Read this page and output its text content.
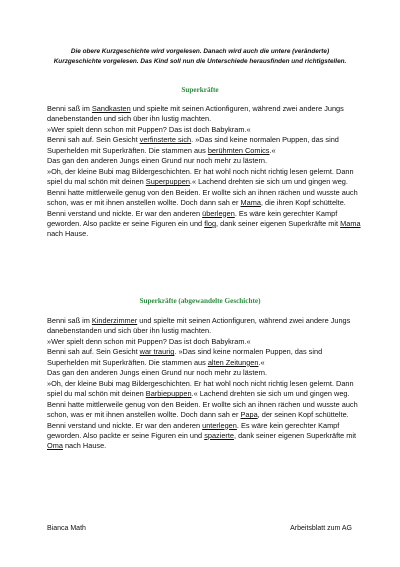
Die obere Kurzgeschichte wird vorgelesen. Danach wird auch die untere (veränderte) Kurzgeschichte vorgelesen. Das Kind soll nun die Unterschiede herausfinden und richtigstellen.
Superkräfte
Benni saß im Sandkasten und spielte mit seinen Actionfiguren, während zwei andere Jungs danebenstanden und sich über ihn lustig machten.
»Wer spielt denn schon mit Puppen? Das ist doch Babykram.«
Benni sah auf. Sein Gesicht verfinsterte sich. »Das sind keine normalen Puppen, das sind Superhelden mit Superkräften. Die stammen aus berühmten Comics.«
Das gan den anderen Jungs einen Grund nur noch mehr zu lästern.
»Oh, der kleine Bubi mag Bildergeschichten. Er hat wohl noch nicht richtig lesen gelernt. Dann spiel du mal schön mit deinen Superpuppen.« Lachend drehten sie sich um und gingen weg.
Benni hatte mittlerweile genug von den Beiden. Er wollte sich an ihnen rächen und wusste auch schon, was er mit ihnen anstellen wollte. Doch dann sah er Mama, die ihren Kopf schüttelte.
Benni verstand und nickte. Er war den anderen überlegen. Es wäre kein gerechter Kampf geworden. Also packte er seine Figuren ein und flog, dank seiner eigenen Superkräfte mit Mama nach Hause.
Superkräfte (abgewandelte Geschichte)
Benni saß im Kinderzimmer und spielte mit seinen Actionfiguren, während zwei andere Jungs danebenstanden und sich über ihn lustig machten.
»Wer spielt denn schon mit Puppen? Das ist doch Babykram.«
Benni sah auf. Sein Gesicht war traurig. »Das sind keine normalen Puppen, das sind Superhelden mit Superkräften. Die stammen aus alten Zeitungen.«
Das gan den anderen Jungs einen Grund nur noch mehr zu lästern.
»Oh, der kleine Bubi mag Bildergeschichten. Er hat wohl noch nicht richtig lesen gelernt. Dann spiel du mal schön mit deinen Barbiepuppen.« Lachend drehten sie sich um und gingen weg.
Benni hatte mittlerweile genug von den Beiden. Er wollte sich an ihnen rächen und wusste auch schon, was er mit ihnen anstellen wollte. Doch dann sah er Papa, der seinen Kopf schüttelte.
Benni verstand und nickte. Er war den anderen unterlegen. Es wäre kein gerechter Kampf geworden. Also packte er seine Figuren ein und spazierte, dank seiner eigenen Superkräfte mit Oma nach Hause.
Bianca Math	Arbeitsblatt zum AG
